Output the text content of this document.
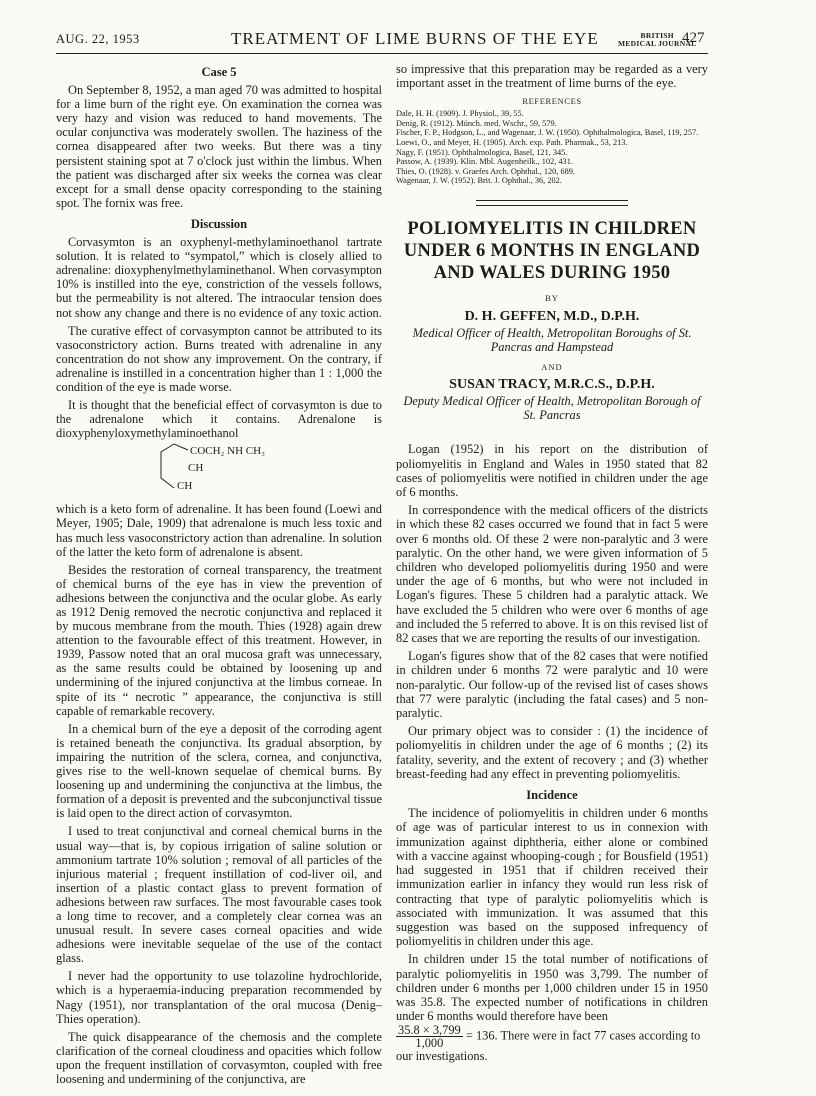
AUG. 22, 1953	TREATMENT OF LIME BURNS OF THE EYE	BRITISH
MEDICAL JOURNAL
427
Case 5

On September 8, 1952, a man aged 70 was admitted to hospital for a lime burn of the right eye. On examination the cornea was very hazy and vision was reduced to hand movements. The ocular conjunctiva was moderately swollen. The haziness of the cornea disappeared after two weeks. But there was a tiny persistent staining spot at 7 o'clock just within the limbus. When the patient was discharged after six weeks the cornea was clear except for a small dense opacity corresponding to the staining spot. The fornix was free.

Discussion

Corvasymton is an oxyphenyl-methylaminoethanol tartrate solution. It is related to “sympatol,” which is closely allied to adrenaline: dioxyphenylmethylaminethanol. When corvasympton 10% is instilled into the eye, constriction of the vessels follows, but the permeability is not altered. The intraocular tension does not show any change and there is no evidence of any toxic action.

The curative effect of corvasympton cannot be attributed to its vasoconstrictory action. Burns treated with adrenaline in any concentration do not show any improvement. On the contrary, if adrenaline is instilled in a concentration higher than 1 : 1,000 the condition of the eye is made worse.

It is thought that the beneficial effect of corvasymton is due to the adrenalone which it contains. Adrenalone is dioxyphenyloxymethylaminoethanol

COCH₂ NH CH₃
CH
CH

which is a keto form of adrenaline. It has been found (Loewi and Meyer, 1905; Dale, 1909) that adrenalone is much less toxic and has much less vasoconstrictory action than adrenaline. In solution of the latter the keto form of adrenalone is absent.

Besides the restoration of corneal transparency, the treatment of chemical burns of the eye has in view the prevention of adhesions between the conjunctiva and the ocular globe. As early as 1912 Denig removed the necrotic conjunctiva and replaced it by mucous membrane from the mouth. Thies (1928) again drew attention to the favourable effect of this treatment. However, in 1939, Passow noted that an oral mucosa graft was unnecessary, as the same results could be obtained by loosening up and undermining of the injured conjunctiva at the limbus corneae. In spite of its “ necrotic ” appearance, the conjunctiva is still capable of remarkable recovery.

In a chemical burn of the eye a deposit of the corroding agent is retained beneath the conjunctiva. Its gradual absorption, by impairing the nutrition of the sclera, cornea, and conjunctiva, gives rise to the well-known sequelae of chemical burns. By loosening up and undermining the conjunctiva at the limbus, the formation of a deposit is prevented and the subconjunctival tissue is laid open to the direct action of corvasymton.

I used to treat conjunctival and corneal chemical burns in the usual way—that is, by copious irrigation of saline solution or ammonium tartrate 10% solution ; removal of all particles of the injurious material ; frequent instillation of cod-liver oil, and insertion of a plastic contact glass to prevent formation of adhesions between raw surfaces. The most favourable cases took a long time to recover, and a completely clear cornea was an unusual result. In severe cases corneal opacities and wide adhesions were inevitable sequelae of the use of the contact glass.

I never had the opportunity to use tolazoline hydrochloride, which is a hyperaemia-inducing preparation recommended by Nagy (1951), nor transplantation of the oral mucosa (Denig–Thies operation).

The quick disappearance of the chemosis and the complete clarification of the corneal cloudiness and opacities which follow upon the frequent instillation of corvasymton, coupled with free loosening and undermining of the conjunctiva, are

so impressive that this preparation may be regarded as a very important asset in the treatment of lime burns of the eye.

REFERENCES
Dale, H. H. (1909). J. Physiol., 39, 55.
Denig, R. (1912). Münch. med. Wschr., 59, 579.
Fischer, F. P., Hodgson, L., and Wagenaar, J. W. (1950). Ophthalmologica, Basel, 119, 257.
Loewi, O., and Meyer, H. (1905). Arch. exp. Path. Pharmak., 53, 213.
Nagy, F. (1951). Ophthalmologica, Basel, 121, 345.
Passow, A. (1939). Klin. Mbl. Augenheilk., 102, 431.
Thies, O. (1928). v. Graefes Arch. Ophthal., 120, 689.
Wagenaar, J. W. (1952). Brit. J. Ophthal., 36, 202.
POLIOMYELITIS IN CHILDREN UNDER 6 MONTHS IN ENGLAND AND WALES DURING 1950
BY
D. H. GEFFEN, M.D., D.P.H.
Medical Officer of Health, Metropolitan Boroughs of St. Pancras and Hampstead
AND
SUSAN TRACY, M.R.C.S., D.P.H.
Deputy Medical Officer of Health, Metropolitan Borough of St. Pancras

Logan (1952) in his report on the distribution of poliomyelitis in England and Wales in 1950 stated that 82 cases of poliomyelitis were notified in children under the age of 6 months.

In correspondence with the medical officers of the districts in which these 82 cases occurred we found that in fact 5 were over 6 months old. Of these 2 were non-paralytic and 3 were paralytic. On the other hand, we were given information of 5 children who developed poliomyelitis during 1950 and were under the age of 6 months, but who were not included in Logan's figures. These 5 children had a paralytic attack. We have excluded the 5 children who were over 6 months of age and included the 5 referred to above. It is on this revised list of 82 cases that we are reporting the results of our investigation.

Logan's figures show that of the 82 cases that were notified in children under 6 months 72 were paralytic and 10 were non-paralytic. Our follow-up of the revised list of cases shows that 77 were paralytic (including the fatal cases) and 5 non-paralytic.

Our primary object was to consider : (1) the incidence of poliomyelitis in children under the age of 6 months ; (2) its fatality, severity, and the extent of recovery ; and (3) whether breast-feeding had any effect in preventing poliomyelitis.

Incidence

The incidence of poliomyelitis in children under 6 months of age was of particular interest to us in connexion with immunization against diphtheria, either alone or combined with a vaccine against whooping-cough ; for Bousfield (1951) had suggested in 1951 that if children received their immunization earlier in infancy they would run less risk of contracting that type of paralytic poliomyelitis which is associated with immunization. It was assumed that this suggestion was based on the supposed infrequency of poliomyelitis in children under this age.

In children under 15 the total number of notifications of paralytic poliomyelitis in 1950 was 3,799. The number of children under 6 months per 1,000 children under 15 in 1950 was 35.8. The expected number of notifications in children under 6 months would therefore have been

$\frac{35.8 \times 3,799}{1,000} = 136$. There were in fact 77 cases according to our investigations.
